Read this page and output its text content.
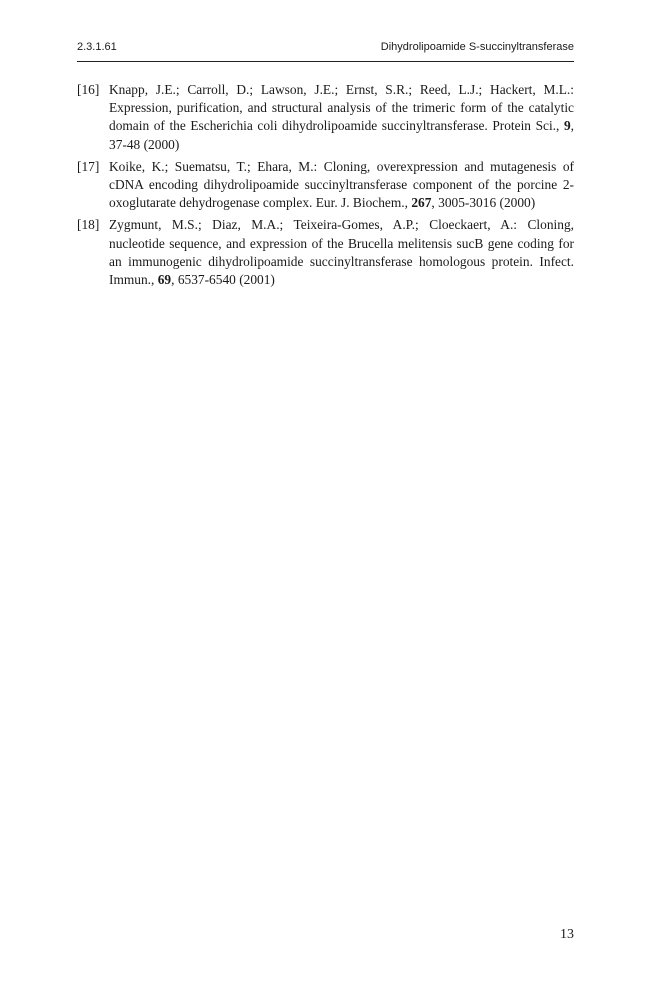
2.3.1.61	Dihydrolipoamide S-succinyltransferase
[16] Knapp, J.E.; Carroll, D.; Lawson, J.E.; Ernst, S.R.; Reed, L.J.; Hackert, M.L.: Expression, purification, and structural analysis of the trimeric form of the catalytic domain of the Escherichia coli dihydrolipoamide succinyltransferase. Protein Sci., 9, 37-48 (2000)
[17] Koike, K.; Suematsu, T.; Ehara, M.: Cloning, overexpression and mutagenesis of cDNA encoding dihydrolipoamide succinyltransferase component of the porcine 2-oxoglutarate dehydrogenase complex. Eur. J. Biochem., 267, 3005-3016 (2000)
[18] Zygmunt, M.S.; Diaz, M.A.; Teixeira-Gomes, A.P.; Cloeckaert, A.: Cloning, nucleotide sequence, and expression of the Brucella melitensis sucB gene coding for an immunogenic dihydrolipoamide succinyltransferase homologous protein. Infect. Immun., 69, 6537-6540 (2001)
13
